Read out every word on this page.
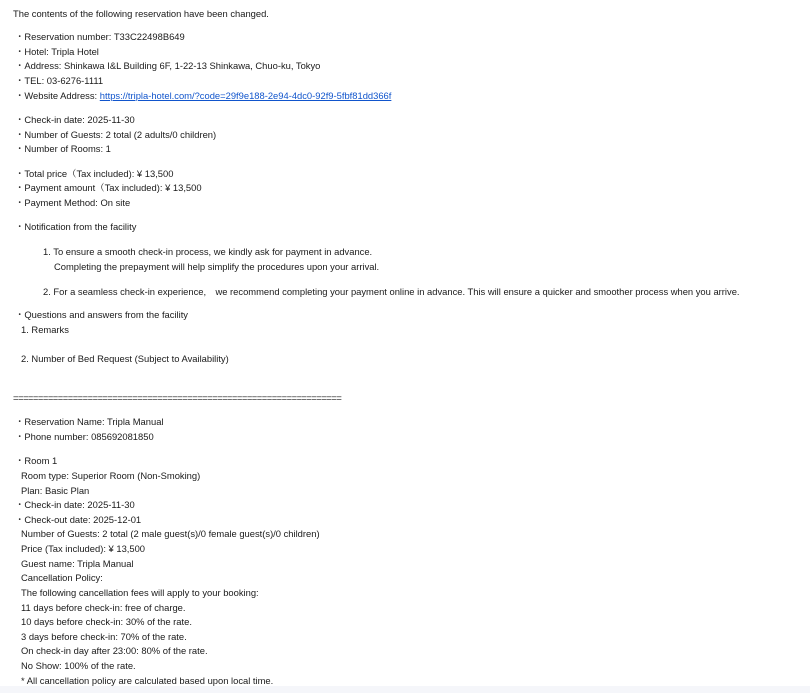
The contents of the following reservation have been changed.
・Reservation number: T33C22498B649
・Hotel: Tripla Hotel
・Address: Shinkawa I&L Building 6F, 1-22-13 Shinkawa, Chuo-ku, Tokyo
・TEL: 03-6276-1111
・Website Address: https://tripla-hotel.com/?code=29f9e188-2e94-4dc0-92f9-5fbf81dd366f
・Check-in date: 2025-11-30
・Number of Guests: 2 total (2 adults/0 children)
・Number of Rooms: 1
・Total price（Tax included): ¥ 13,500
・Payment amount（Tax included): ¥ 13,500
・Payment Method: On site
・Notification from the facility
1. To ensure a smooth check-in process, we kindly ask for payment in advance.
Completing the prepayment will help simplify the procedures upon your arrival.
2. For a seamless check-in experience,　we recommend completing your payment online in advance. This will ensure a quicker and smoother process when you arrive.
・Questions and answers from the facility
1. Remarks
2. Number of Bed Request (Subject to Availability)
==================================================================
・Reservation Name: Tripla Manual
・Phone number: 085692081850
・Room 1
Room type: Superior Room (Non-Smoking)
Plan: Basic Plan
・Check-in date: 2025-11-30
・Check-out date: 2025-12-01
Number of Guests: 2 total (2 male guest(s)/0 female guest(s)/0 children)
Price (Tax included): ¥ 13,500
Guest name: Tripla Manual
Cancellation Policy:
The following cancellation fees will apply to your booking:
11 days before check-in: free of charge.
10 days before check-in: 30% of the rate.
3 days before check-in: 70% of the rate.
On check-in day after 23:00: 80% of the rate.
No Show: 100% of the rate.
* All cancellation policy are calculated based upon local time.
